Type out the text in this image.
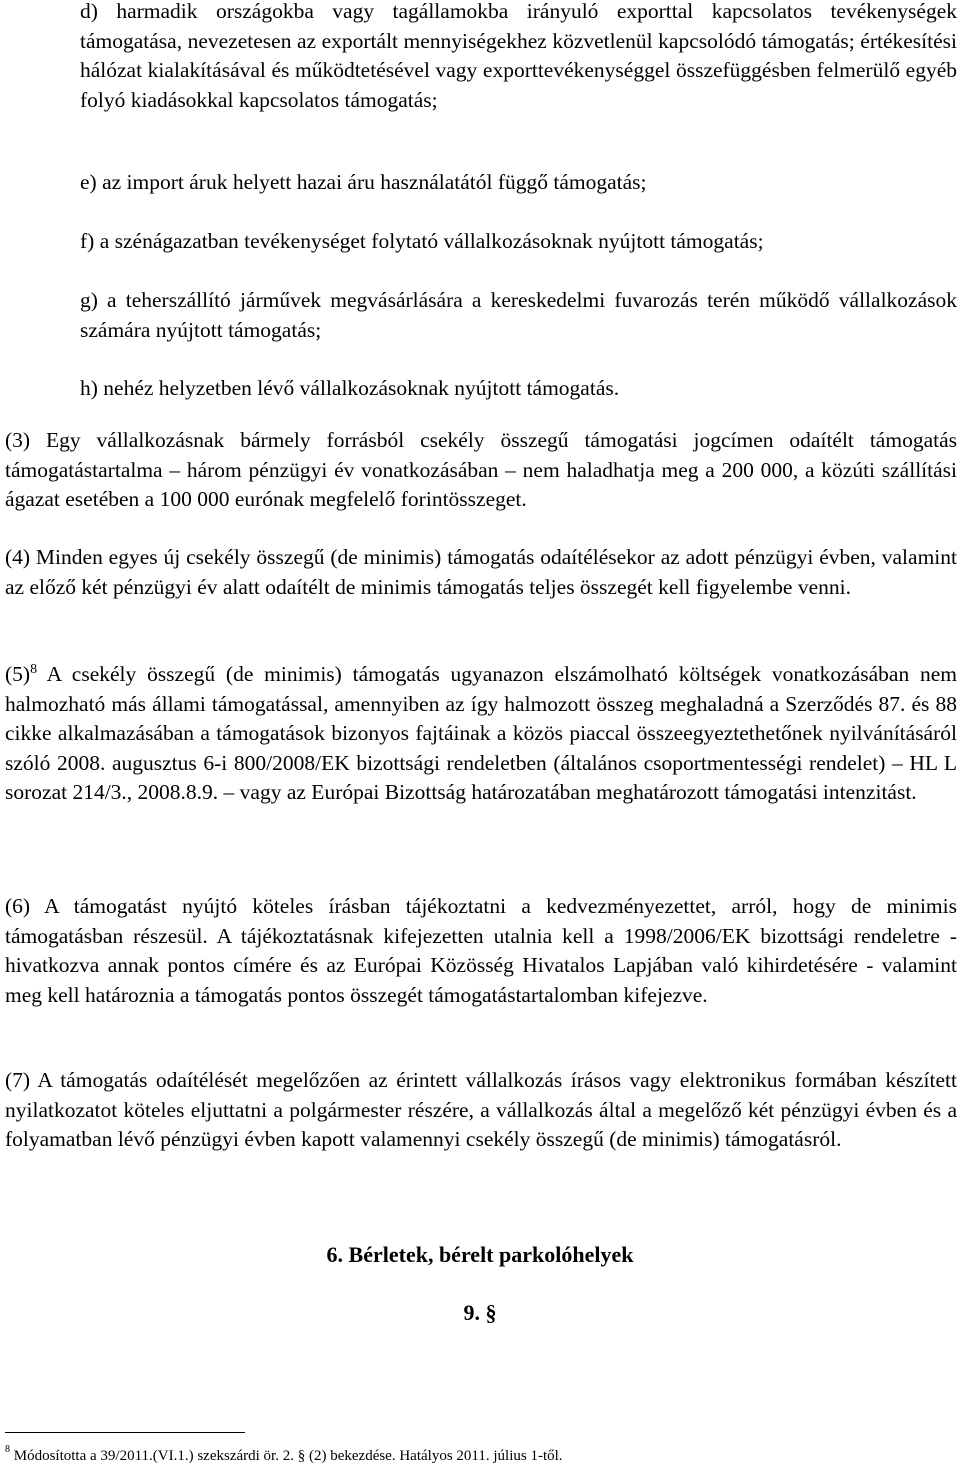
d) harmadik országokba vagy tagállamokba irányuló exporttal kapcsolatos tevékenységek támogatása, nevezetesen az exportált mennyiségekhez közvetlenül kapcsolódó támogatás; értékesítési hálózat kialakításával és működtetésével vagy exporttevékenységgel összefüggésben felmerülő egyéb folyó kiadásokkal kapcsolatos támogatás;

e) az import áruk helyett hazai áru használatától függő támogatás;

f) a szénágazatban tevékenységet folytató vállalkozásoknak nyújtott támogatás;

g) a teherszállító járművek megvásárlására a kereskedelmi fuvarozás terén működő vállalkozások számára nyújtott támogatás;

h) nehéz helyzetben lévő vállalkozásoknak nyújtott támogatás.

(3) Egy vállalkozásnak bármely forrásból csekély összegű támogatási jogcímen odaítélt támogatás támogatástartalma – három pénzügyi év vonatkozásában – nem haladhatja meg a 200 000, a közúti szállítási ágazat esetében a 100 000 eurónak megfelelő forintösszeget.

(4) Minden egyes új csekély összegű (de minimis) támogatás odaítélésekor az adott pénzügyi évben, valamint az előző két pénzügyi év alatt odaítélt de minimis támogatás teljes összegét kell figyelembe venni.

$(5)^8$ A csekély összegű (de minimis) támogatás ugyanazon elszámolható költségek vonatkozásában nem halmozható más állami támogatással, amennyiben az így halmozott összeg meghaladná a Szerződés 87. és 88 cikke alkalmazásában a támogatások bizonyos fajtáinak a közös piaccal összeegyeztethetőnek nyilvánításáról szóló 2008. augusztus 6-i 800/2008/EK bizottsági rendeletben (általános csoportmentességi rendelet) – HL L sorozat 214/3., 2008.8.9. – vagy az Európai Bizottság határozatában meghatározott támogatási intenzitást.

(6) A támogatást nyújtó köteles írásban tájékoztatni a kedvezményezettet, arról, hogy de minimis támogatásban részesül. A tájékoztatásnak kifejezetten utalnia kell a 1998/2006/EK bizottsági rendeletre - hivatkozva annak pontos címére és az Európai Közösség Hivatalos Lapjában való kihirdetésére - valamint meg kell határoznia a támogatás pontos összegét támogatástartalomban kifejezve.

(7) A támogatás odaítélését megelőzően az érintett vállalkozás írásos vagy elektronikus formában készített nyilatkozatot köteles eljuttatni a polgármester részére, a vállalkozás által a megelőző két pénzügyi évben és a folyamatban lévő pénzügyi évben kapott valamennyi csekély összegű (de minimis) támogatásról.

6. Bérletek, bérelt parkolóhelyek

9. §

$^8$ Módosította a 39/2011.(VI.1.) szekszárdi ör. 2. § (2) bekezdése. Hatályos 2011. július 1-től.
